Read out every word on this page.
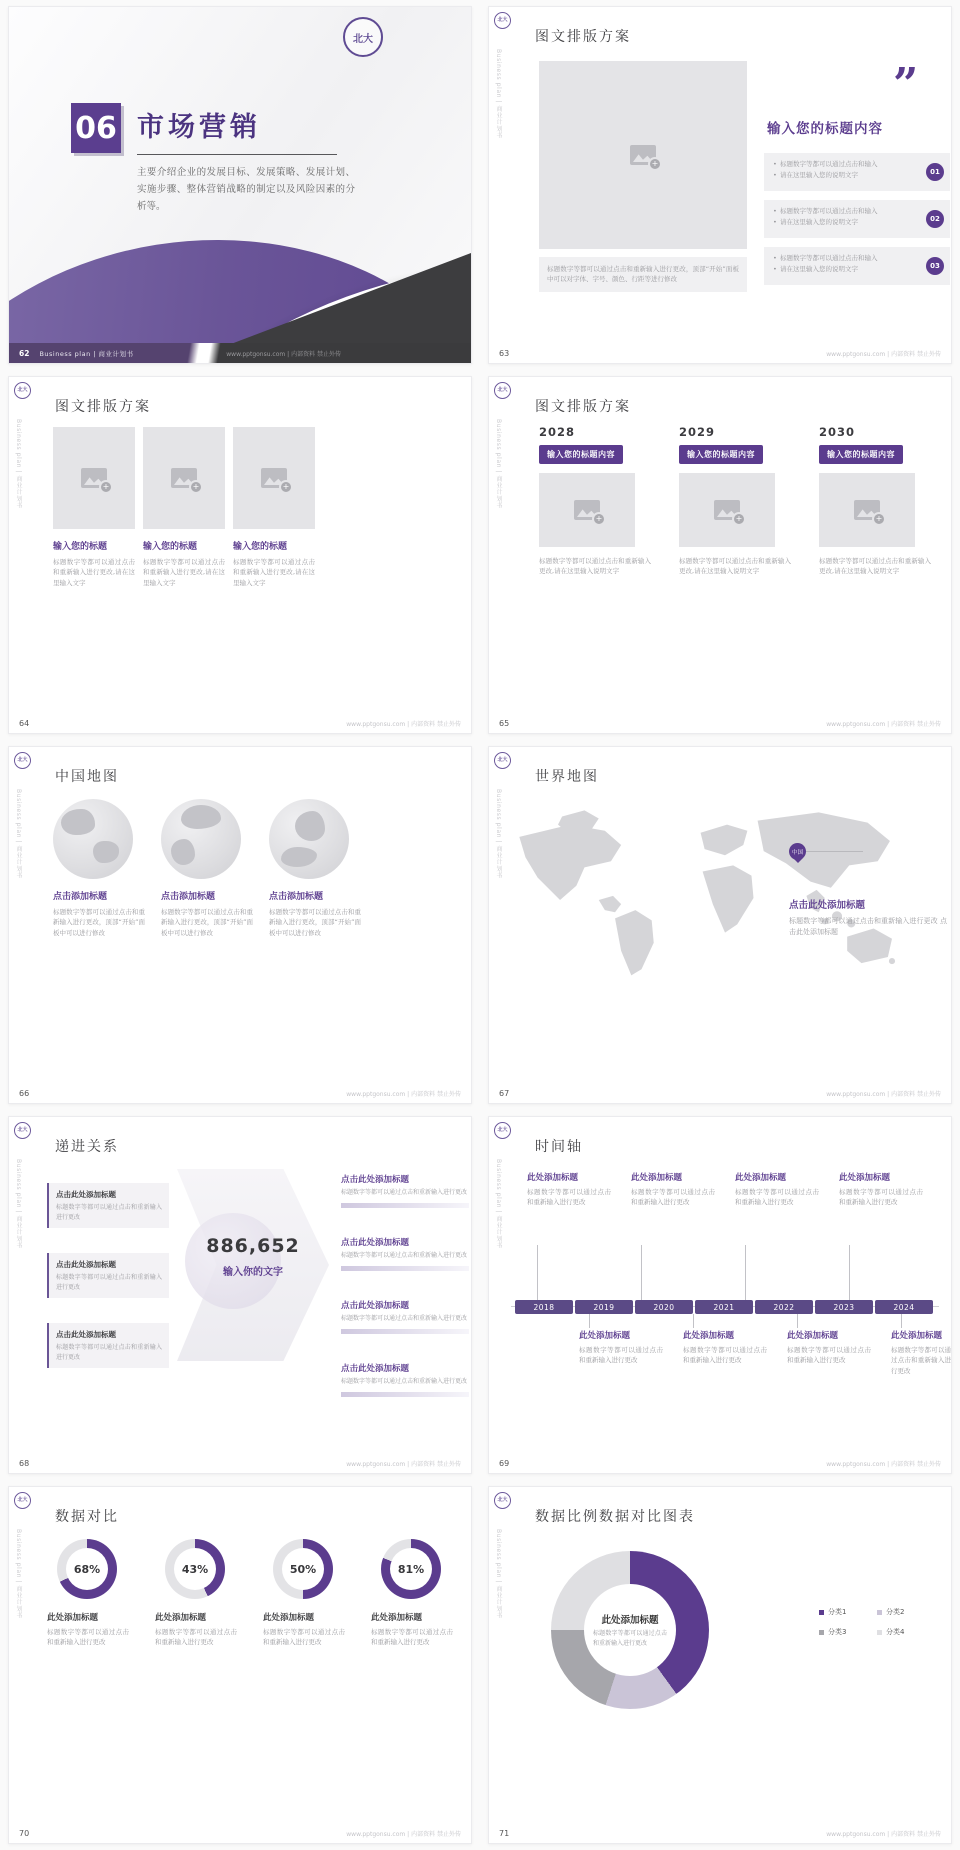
北大
06 市场营销
主要介绍企业的发展目标、发展策略、发展计划、实施步骤、整体营销战略的制定以及风险因素的分析等。
62 Business plan | 商业计划书	www.pptgonsu.com | 内部资料 禁止外传
北大
Business plan | 商业计划书
图文排版方案
+
标题数字等都可以通过点击和重新输入进行更改，顶部“开始”面板中可以对字体、字号、颜色、行距等进行修改
”
输入您的标题内容
• 标题数字等都可以通过点击和输入
• 请在这里输入您的说明文字	01
• 标题数字等都可以通过点击和输入
• 请在这里输入您的说明文字	02
• 标题数字等都可以通过点击和输入
• 请在这里输入您的说明文字	03
63	www.pptgonsu.com | 内部资料 禁止外传
北大
Business plan | 商业计划书
图文排版方案
+
输入您的标题
标题数字等都可以通过点击和重新输入进行更改,请在这里输入文字
+
输入您的标题
标题数字等都可以通过点击和重新输入进行更改,请在这里输入文字
+
输入您的标题
标题数字等都可以通过点击和重新输入进行更改,请在这里输入文字
64	www.pptgonsu.com | 内部资料 禁止外传
北大
Business plan | 商业计划书
图文排版方案
2028
输入您的标题内容
+
标题数字等都可以通过点击和重新输入更改,请在这里输入说明文字
2029
输入您的标题内容
+
标题数字等都可以通过点击和重新输入更改,请在这里输入说明文字
2030
输入您的标题内容
+
标题数字等都可以通过点击和重新输入更改,请在这里输入说明文字
65	www.pptgonsu.com | 内部资料 禁止外传
北大
Business plan | 商业计划书
中国地图
点击添加标题
标题数字等都可以通过点击和重新输入进行更改，顶部“开始”面板中可以进行修改
点击添加标题
标题数字等都可以通过点击和重新输入进行更改，顶部“开始”面板中可以进行修改
点击添加标题
标题数字等都可以通过点击和重新输入进行更改，顶部“开始”面板中可以进行修改
66	www.pptgonsu.com | 内部资料 禁止外传
北大
Business plan | 商业计划书
世界地图
中国
点击此处添加标题
标题数字等都可以通过点击和重新输入进行更改 点击此处添加标题
67	www.pptgonsu.com | 内部资料 禁止外传
北大
Business plan | 商业计划书
递进关系
点击此处添加标题
标题数字等都可以通过点击和重新输入进行更改
点击此处添加标题
标题数字等都可以通过点击和重新输入进行更改
点击此处添加标题
标题数字等都可以通过点击和重新输入进行更改
886,652
输入你的文字
点击此处添加标题
标题数字等都可以通过点击和重新输入进行更改
点击此处添加标题
标题数字等都可以通过点击和重新输入进行更改
点击此处添加标题
标题数字等都可以通过点击和重新输入进行更改
点击此处添加标题
标题数字等都可以通过点击和重新输入进行更改
68	www.pptgonsu.com | 内部资料 禁止外传
北大
Business plan | 商业计划书
时间轴
此处添加标题
标题数字等都可以通过点击和重新输入进行更改
此处添加标题
标题数字等都可以通过点击和重新输入进行更改
此处添加标题
标题数字等都可以通过点击和重新输入进行更改
此处添加标题
标题数字等都可以通过点击和重新输入进行更改
2018	2019	2020	2021	2022	2023	2024
此处添加标题
标题数字等都可以通过点击和重新输入进行更改
此处添加标题
标题数字等都可以通过点击和重新输入进行更改
此处添加标题
标题数字等都可以通过点击和重新输入进行更改
此处添加标题
标题数字等都可以通过点击和重新输入进行更改
69	www.pptgonsu.com | 内部资料 禁止外传
北大
Business plan | 商业计划书
数据对比
68%
此处添加标题
标题数字等都可以通过点击和重新输入进行更改
43%
此处添加标题
标题数字等都可以通过点击和重新输入进行更改
50%
此处添加标题
标题数字等都可以通过点击和重新输入进行更改
81%
此处添加标题
标题数字等都可以通过点击和重新输入进行更改
70	www.pptgonsu.com | 内部资料 禁止外传
北大
Business plan | 商业计划书
数据比例数据对比图表
此处添加标题
标题数字等都可以通过点击和重新输入进行更改
分类1	分类2
分类3	分类4
71	www.pptgonsu.com | 内部资料 禁止外传
